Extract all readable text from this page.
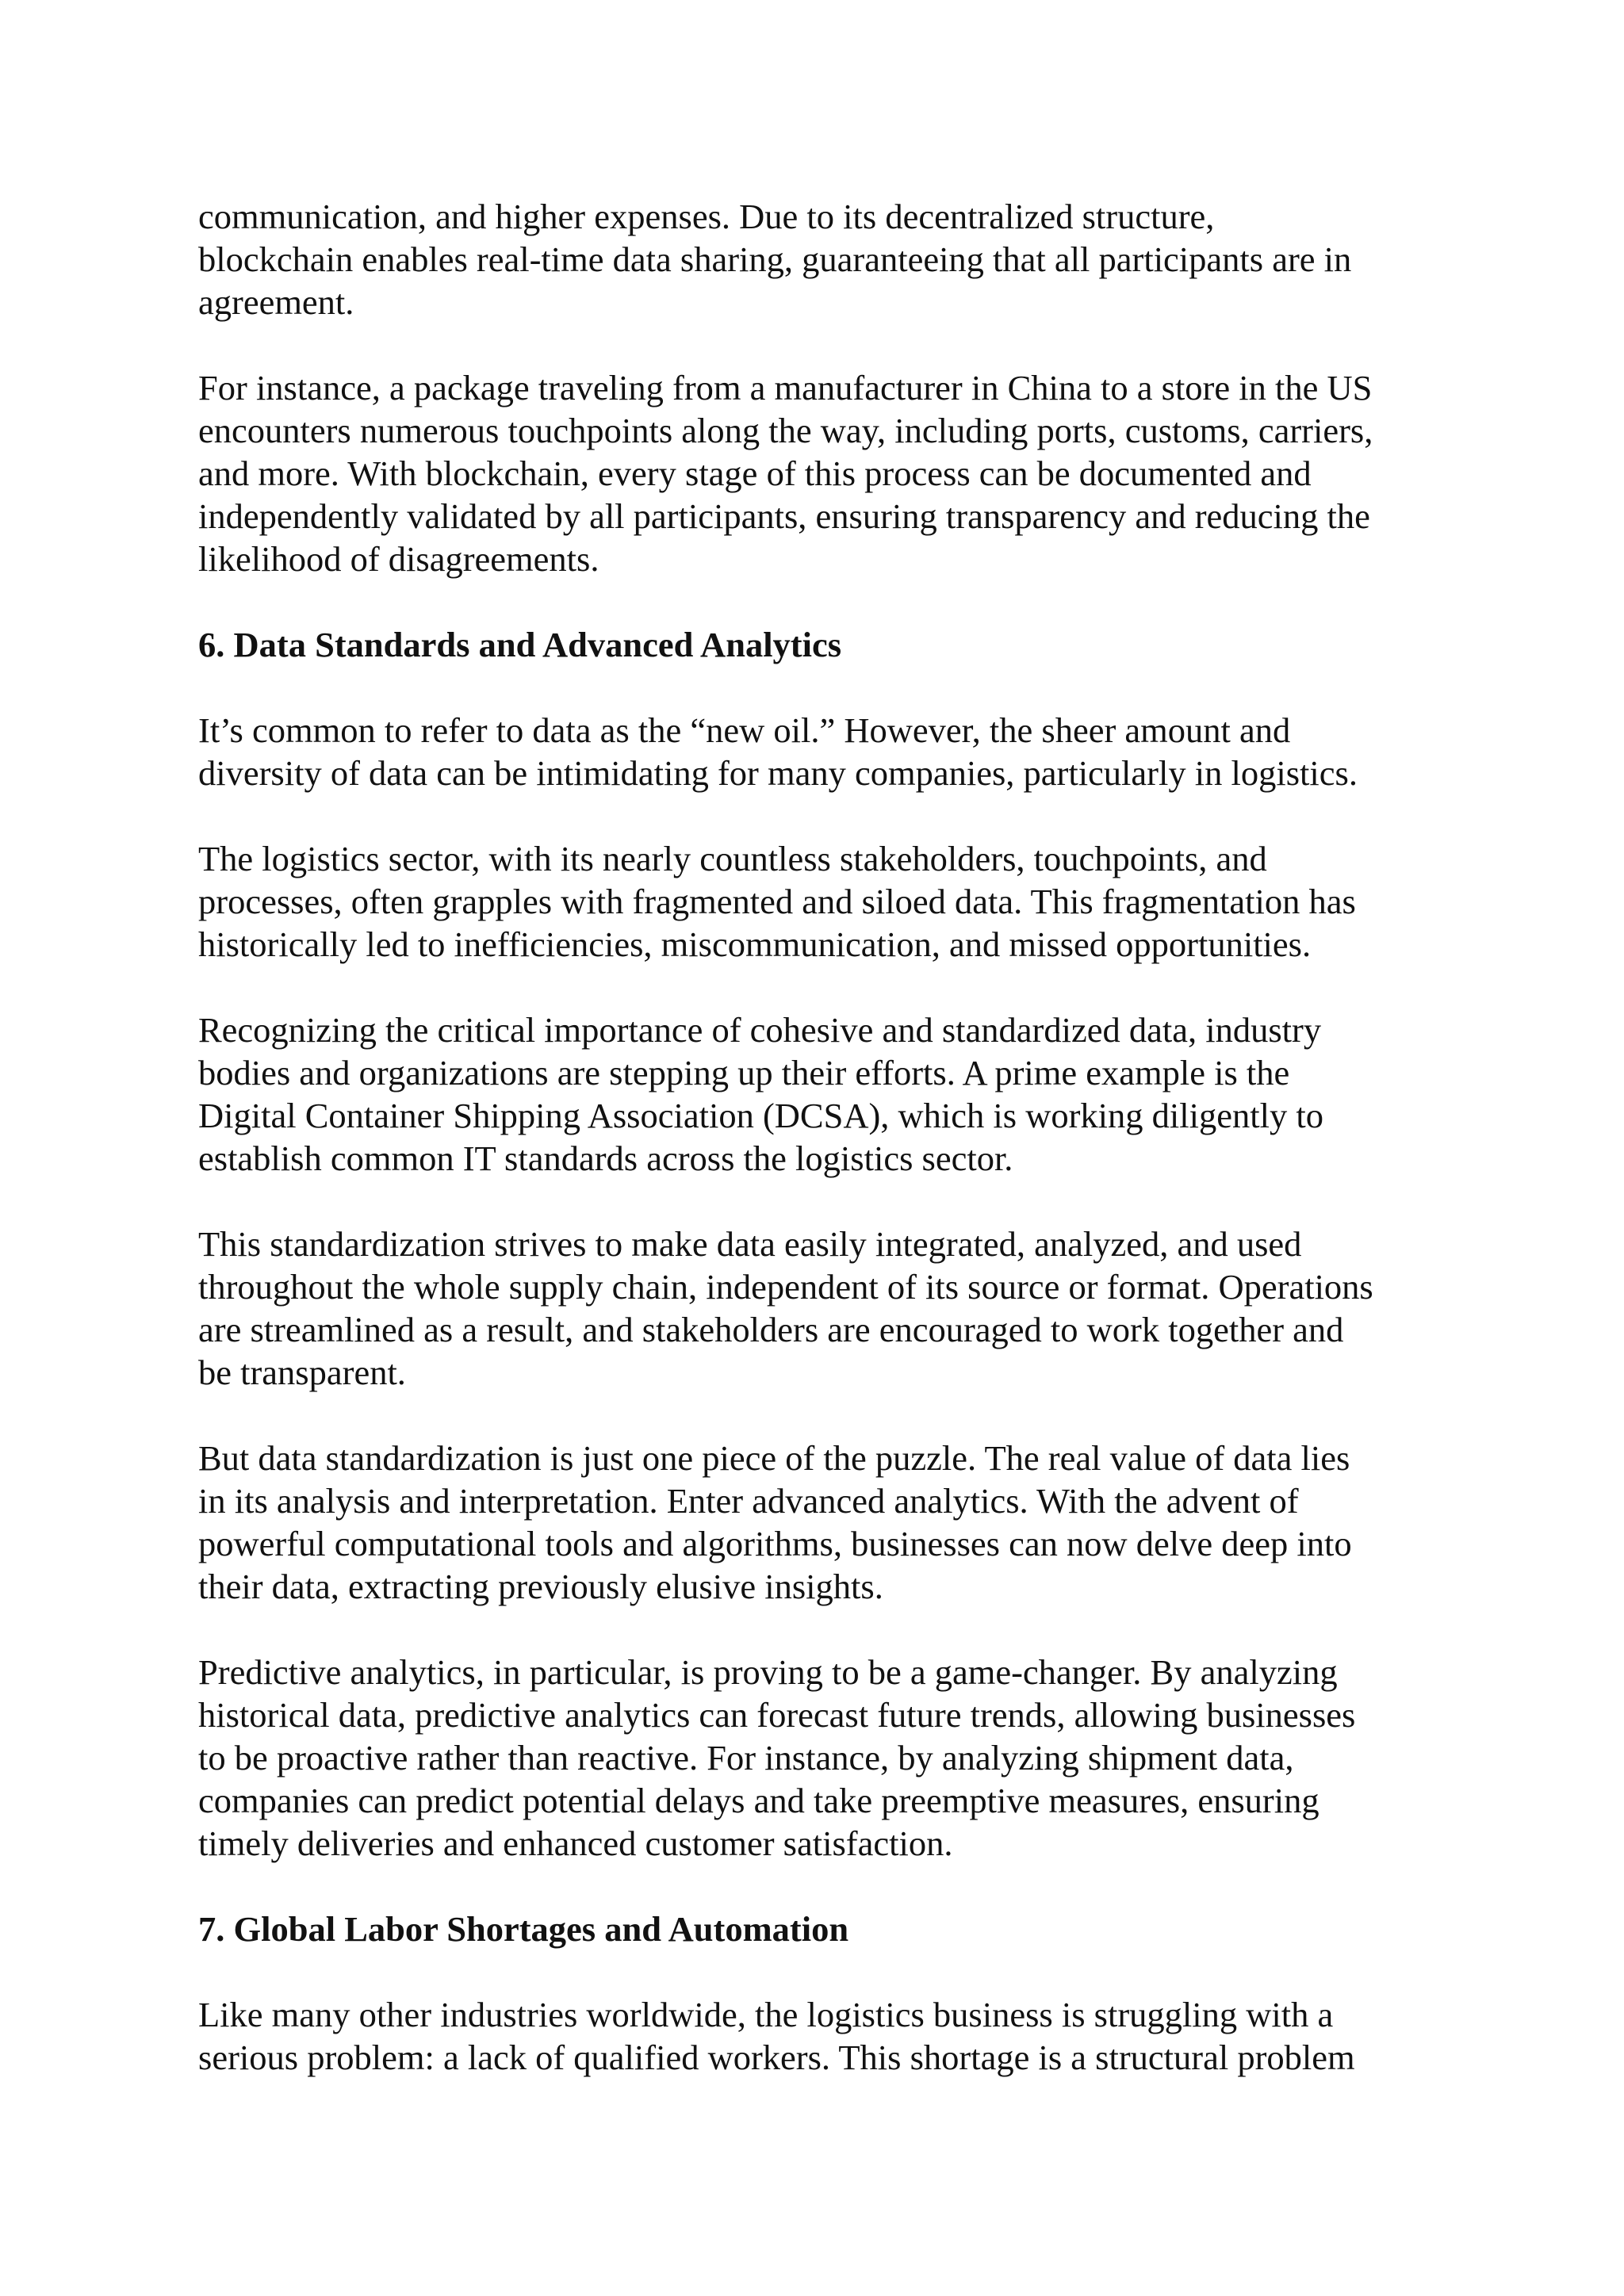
communication, and higher expenses. Due to its decentralized structure,
blockchain enables real-time data sharing, guaranteeing that all participants are in
agreement.

For instance, a package traveling from a manufacturer in China to a store in the US
encounters numerous touchpoints along the way, including ports, customs, carriers,
and more. With blockchain, every stage of this process can be documented and
independently validated by all participants, ensuring transparency and reducing the
likelihood of disagreements.

6. Data Standards and Advanced Analytics

It’s common to refer to data as the “new oil.” However, the sheer amount and
diversity of data can be intimidating for many companies, particularly in logistics.

The logistics sector, with its nearly countless stakeholders, touchpoints, and
processes, often grapples with fragmented and siloed data. This fragmentation has
historically led to inefficiencies, miscommunication, and missed opportunities.

Recognizing the critical importance of cohesive and standardized data, industry
bodies and organizations are stepping up their efforts. A prime example is the
Digital Container Shipping Association (DCSA), which is working diligently to
establish common IT standards across the logistics sector.

This standardization strives to make data easily integrated, analyzed, and used
throughout the whole supply chain, independent of its source or format. Operations
are streamlined as a result, and stakeholders are encouraged to work together and
be transparent.

But data standardization is just one piece of the puzzle. The real value of data lies
in its analysis and interpretation. Enter advanced analytics. With the advent of
powerful computational tools and algorithms, businesses can now delve deep into
their data, extracting previously elusive insights.

Predictive analytics, in particular, is proving to be a game-changer. By analyzing
historical data, predictive analytics can forecast future trends, allowing businesses
to be proactive rather than reactive. For instance, by analyzing shipment data,
companies can predict potential delays and take preemptive measures, ensuring
timely deliveries and enhanced customer satisfaction.

7. Global Labor Shortages and Automation

Like many other industries worldwide, the logistics business is struggling with a
serious problem: a lack of qualified workers. This shortage is a structural problem
